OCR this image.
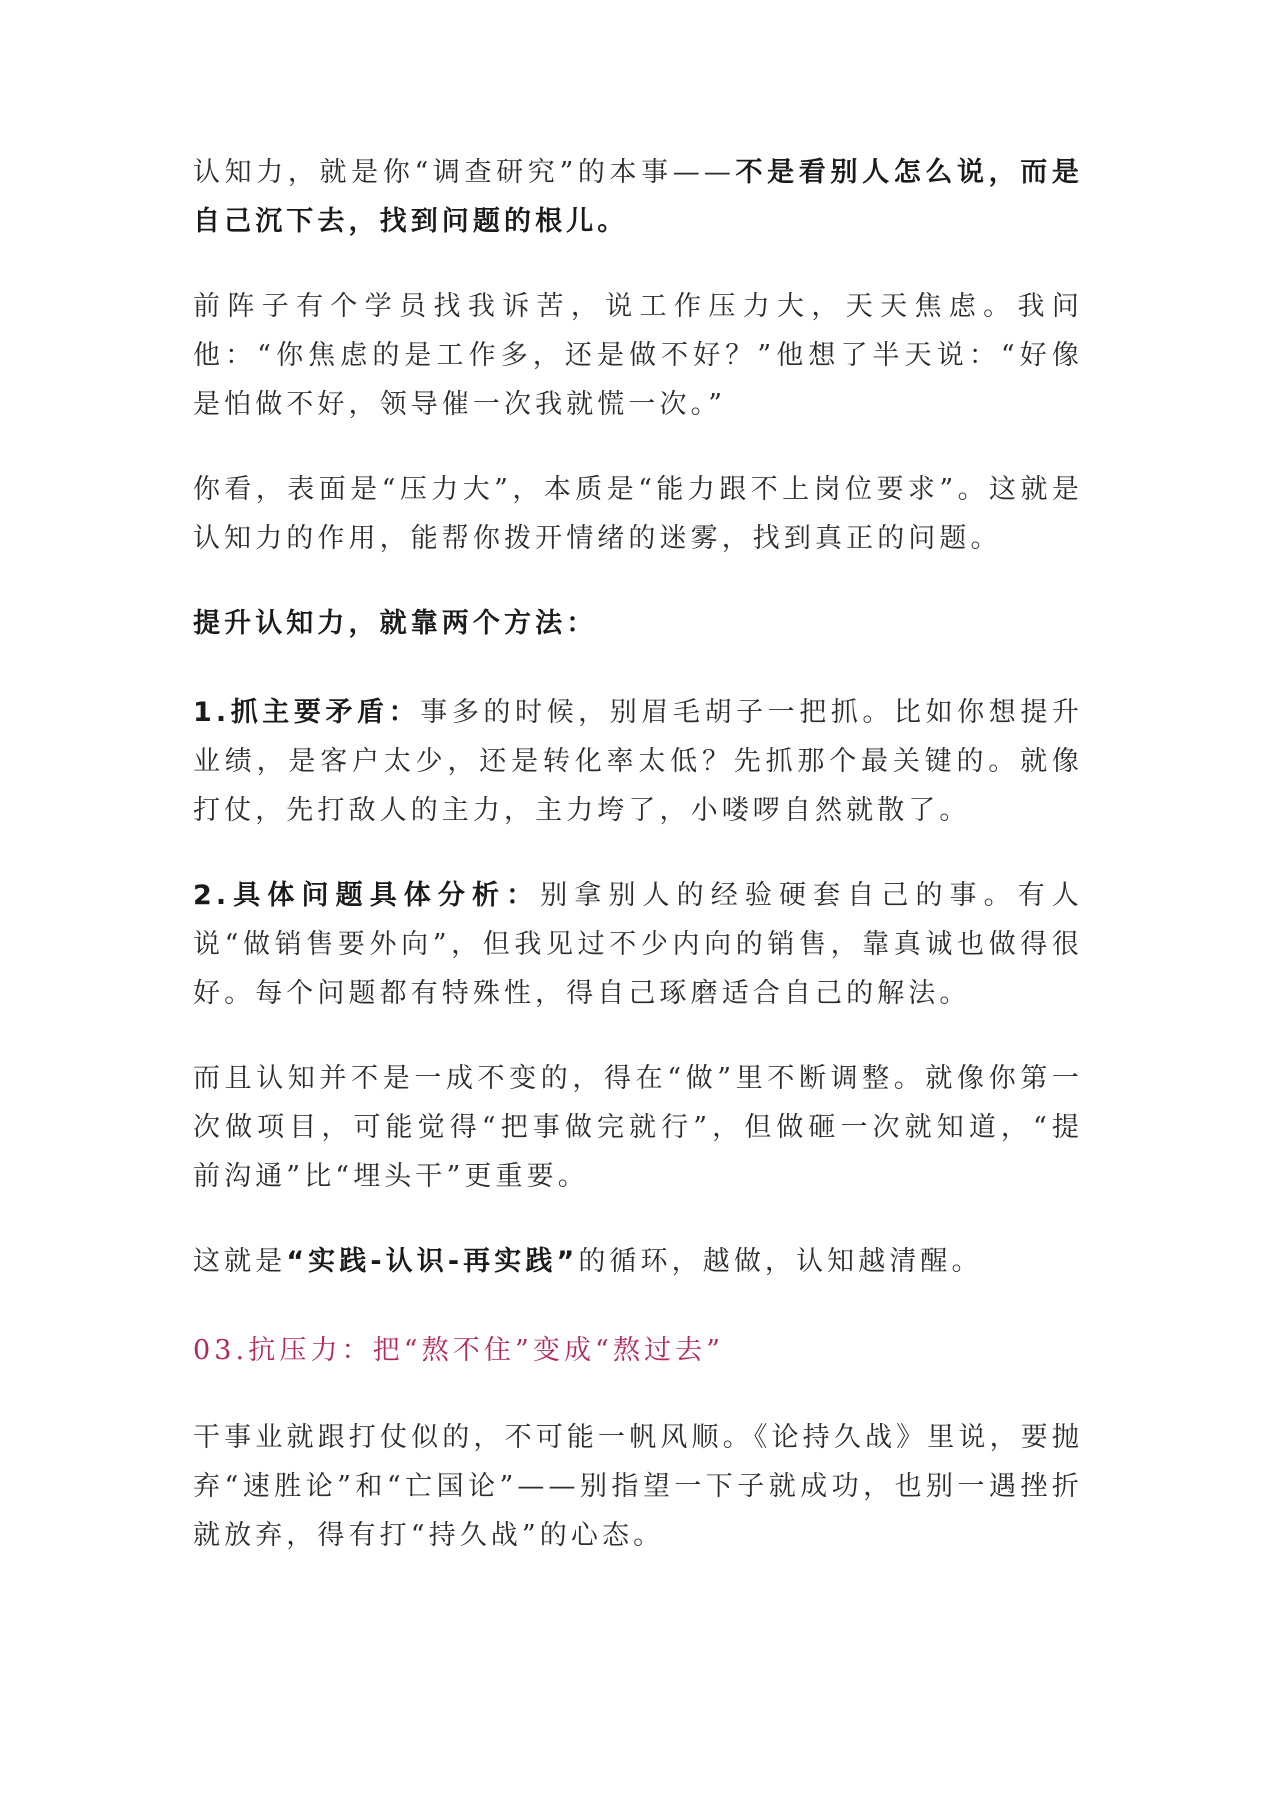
认知力，就是你“调查研究”的本事——不是看别人怎么说，而是自己沉下去，找到问题的根儿。

前阵子有个学员找我诉苦，说工作压力大，天天焦虑。我问他：“你焦虑的是工作多，还是做不好？”他想了半天说：“好像是怕做不好，领导催一次我就慌一次。”

你看，表面是“压力大”，本质是“能力跟不上岗位要求”。这就是认知力的作用，能帮你拨开情绪的迷雾，找到真正的问题。

提升认知力，就靠两个方法：

1.抓主要矛盾：事多的时候，别眉毛胡子一把抓。比如你想提升业绩，是客户太少，还是转化率太低？先抓那个最关键的。就像打仗，先打敌人的主力，主力垮了，小喽啰自然就散了。

2.具体问题具体分析：别拿别人的经验硬套自己的事。有人说“做销售要外向”，但我见过不少内向的销售，靠真诚也做得很好。每个问题都有特殊性，得自己琢磨适合自己的解法。

而且认知并不是一成不变的，得在“做”里不断调整。就像你第一次做项目，可能觉得“把事做完就行”，但做砸一次就知道，“提前沟通”比“埋头干”更重要。

这就是“实践-认识-再实践”的循环，越做，认知越清醒。

03.抗压力：把“熬不住”变成“熬过去”

干事业就跟打仗似的，不可能一帆风顺。《论持久战》里说，要抛弃“速胜论”和“亡国论”——别指望一下子就成功，也别一遇挫折就放弃，得有打“持久战”的心态。
